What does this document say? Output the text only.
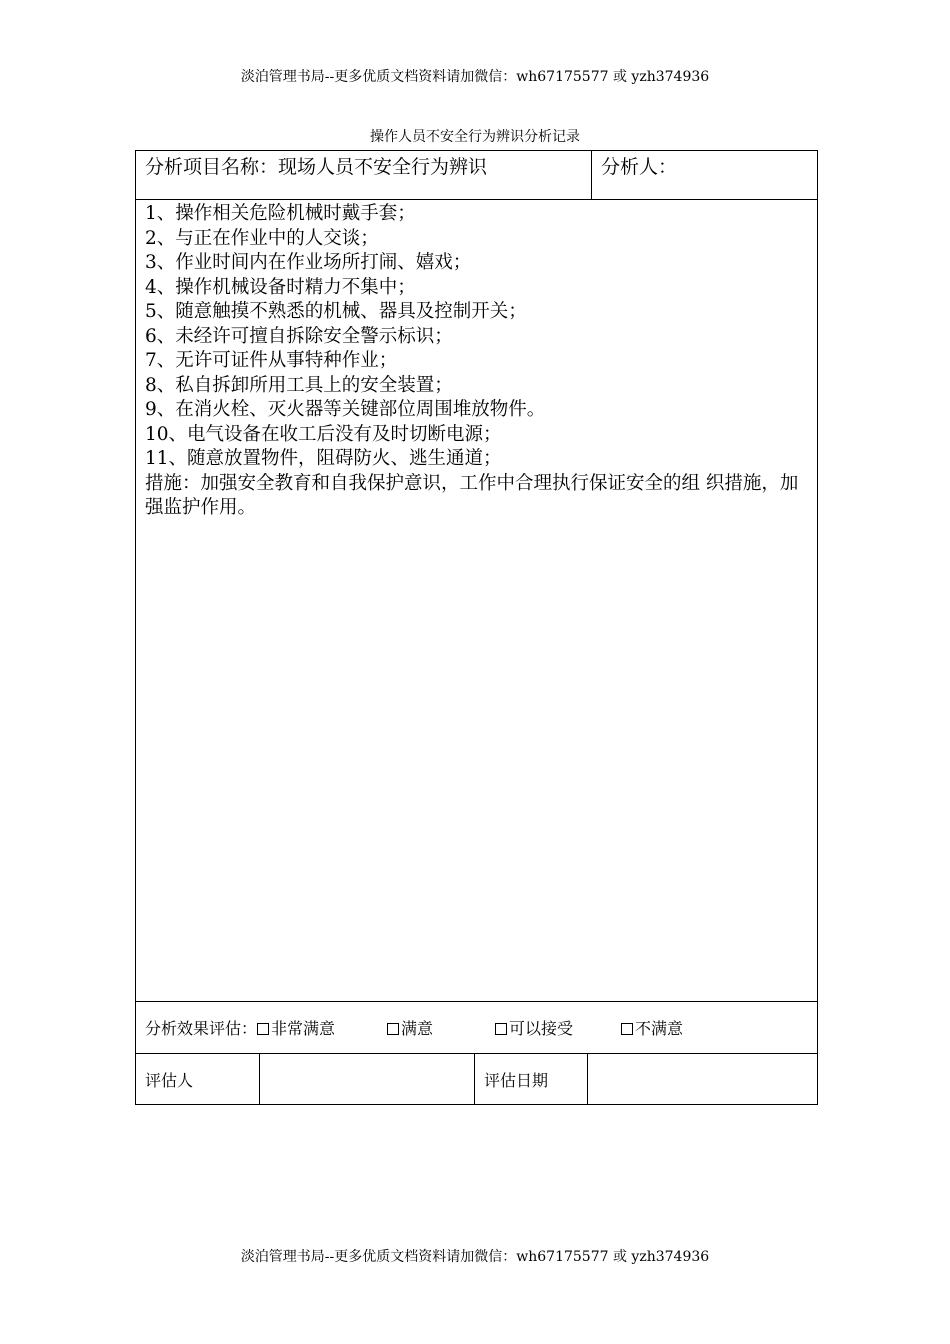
淡泊管理书局--更多优质文档资料请加微信：wh67175577 或 yzh374936
操作人员不安全行为辨识分析记录
分析项目名称：现场人员不安全行为辨识	分析人：
1、操作相关危险机械时戴手套；
2、与正在作业中的人交谈；
3、作业时间内在作业场所打闹、嬉戏；
4、操作机械设备时精力不集中；
5、随意触摸不熟悉的机械、器具及控制开关；
6、未经许可擅自拆除安全警示标识；
7、无许可证件从事特种作业；
8、私自拆卸所用工具上的安全装置；
9、在消火栓、灭火器等关键部位周围堆放物件。
10、电气设备在收工后没有及时切断电源；
11、随意放置物件，阻碍防火、逃生通道；
措施：加强安全教育和自我保护意识，工作中合理执行保证安全的组 织措施，加强监护作用。
分析效果评估： 非常满意	满意	可以接受	不满意
评估人	评估日期
淡泊管理书局--更多优质文档资料请加微信：wh67175577 或 yzh374936
